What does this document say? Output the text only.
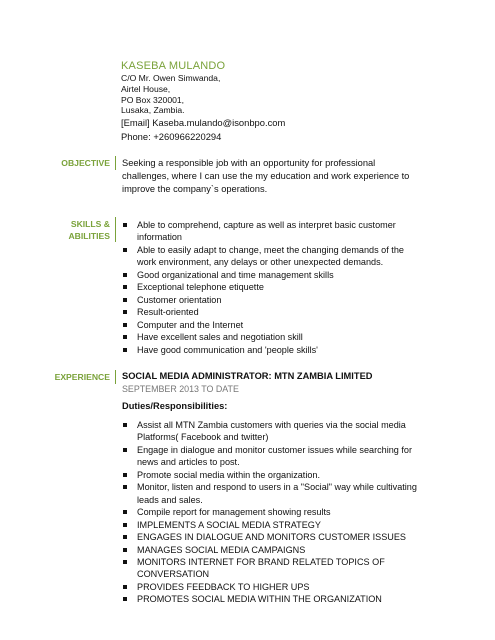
KASEBA MULANDO
C/O Mr. Owen Simwanda,
Airtel House,
PO Box 320001,
Lusaka, Zambia.
[Email] Kaseba.mulando@isonbpo.com
Phone: +260966220294
OBJECTIVE Seeking a responsible job with an opportunity for professional challenges, where I can use the my education and work experience to improve the company`s operations.
SKILLS &
ABILITIES
Able to comprehend, capture as well as interpret basic customer information
Able to easily adapt to change, meet the changing demands of the work environment, any delays or other unexpected demands.
Good organizational and time management skills
Exceptional telephone etiquette
Customer orientation
Result-oriented
Computer and the Internet
Have excellent sales and negotiation skill
Have good communication and 'people skills'
EXPERIENCE SOCIAL MEDIA ADMINISTRATOR: MTN ZAMBIA LIMITED
SEPTEMBER 2013 TO DATE
Duties/Responsibilities:
Assist all MTN Zambia customers with queries via the social media Platforms( Facebook and twitter)
Engage in dialogue and monitor customer issues while searching for news and articles to post.
Promote social media within the organization.
Monitor, listen and respond to users in a "Social" way while cultivating leads and sales.
Compile report for management showing results
IMPLEMENTS A SOCIAL MEDIA STRATEGY
ENGAGES IN DIALOGUE AND MONITORS CUSTOMER ISSUES
MANAGES SOCIAL MEDIA CAMPAIGNS
MONITORS INTERNET FOR BRAND RELATED TOPICS OF CONVERSATION
PROVIDES FEEDBACK TO HIGHER UPS
PROMOTES SOCIAL MEDIA WITHIN THE ORGANIZATION
